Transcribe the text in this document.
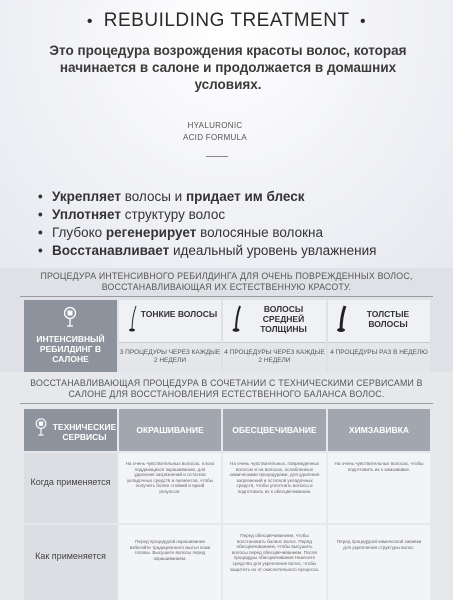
• REBUILDING TREATMENT •
Это процедура возрождения красоты волос, которая начинается в салоне и продолжается в домашних условиях.
HYALURONIC
ACID FORMULA
• Укрепляет волосы и придает им блеск
• Уплотняет структуру волос
• Глубоко регенерирует волосяные волокна
• Восстанавливает идеальный уровень увлажнения
ПРОЦЕДУРА ИНТЕНСИВНОГО РЕБИЛДИНГА ДЛЯ ОЧЕНЬ ПОВРЕЖДЕННЫХ ВОЛОС, ВОССТАНАВЛИВАЮЩАЯ ИХ ЕСТЕСТВЕННУЮ КРАСОТУ.
ИНТЕНСИВНЫЙ РЕБИЛДИНГ В САЛОНЕ
ТОНКИЕ ВОЛОСЫ
3 ПРОЦЕДУРЫ ЧЕРЕЗ КАЖДЫЕ 2 НЕДЕЛИ
ВОЛОСЫ СРЕДНЕЙ ТОЛЩИНЫ
4 ПРОЦЕДУРЫ ЧЕРЕЗ КАЖДЫЕ 2 НЕДЕЛИ
ТОЛСТЫЕ ВОЛОСЫ
4 ПРОЦЕДУРЫ РАЗ В НЕДЕЛЮ
ВОССТАНАВЛИВАЮЩАЯ ПРОЦЕДУРА В СОЧЕТАНИИ С ТЕХНИЧЕСКИМИ СЕРВИСАМИ В САЛОНЕ ДЛЯ ВОССТАНОВЛЕНИЯ ЕСТЕСТВЕННОГО БАЛАНСА ВОЛОС.
ТЕХНИЧЕСКИЕ СЕРВИСЫ
ОКРАШИВАНИЕ	ОБЕСЦВЕЧИВАНИЕ	ХИМЗАВИВКА
Когда применяется
На очень чувствительных волосах, плохо поддающихся окрашиванию, для удаления загрязнений и остатков укладочных средств и пигментов, чтобы получить более стойкий и яркий результат.
На очень чувствительных, поврежденных волосах и на волосах, ослабленных химическими процедурами, для удаления загрязнений и остатков укладочных средств, чтобы уплотнить волосы и подготовить их к обесцвечиванию.
На очень чувствительных волосах, чтобы подготовить их к химзавивке.
Как применяется
Перед процедурой окрашивания избегайте традиционного мытья кожи головы. Высушите волосы перед окрашиванием.
Перед обесцвечиванием, чтобы восстановить баланс волос. Перед обесцвечиванием, чтобы высушить волосы перед обесцвечиванием. После процедуры обесцвечивания Нанесите средство для укрепления волос, чтобы защитить их от окислительного процесса.
Перед процедурой химической завивки для укрепления структуры волос.
